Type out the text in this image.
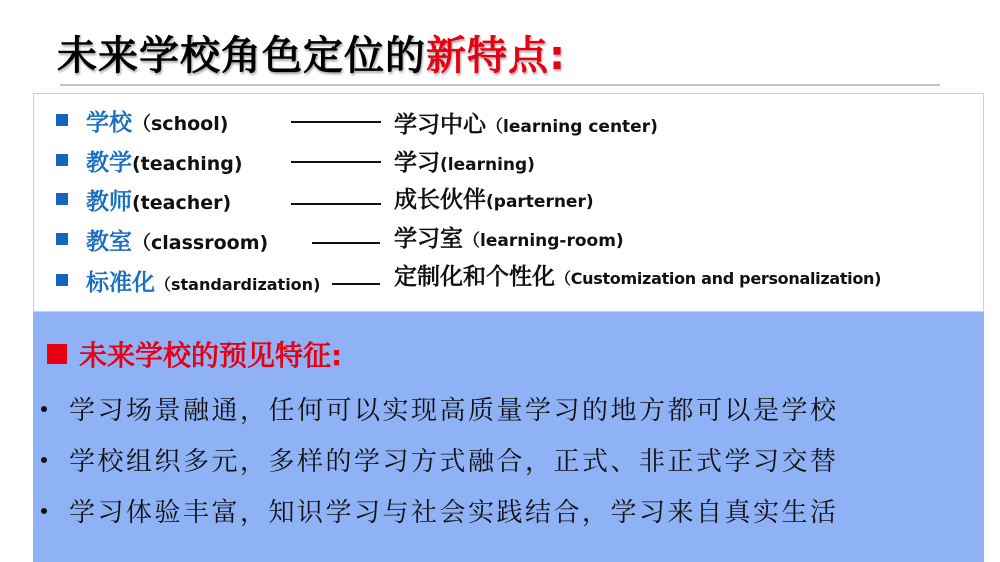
未来学校角色定位的新特点:
学校（school)	学习中心（learning center)
教学(teaching)	学习(learning)
教师(teacher)	成长伙伴(parterner)
教室（classroom)	学习室（learning-room)
标准化（standardization)	定制化和个性化（Customization and personalization)
未来学校的预见特征:
学习场景融通，任何可以实现高质量学习的地方都可以是学校
学校组织多元，多样的学习方式融合，正式、非正式学习交替
学习体验丰富，知识学习与社会实践结合，学习来自真实生活
